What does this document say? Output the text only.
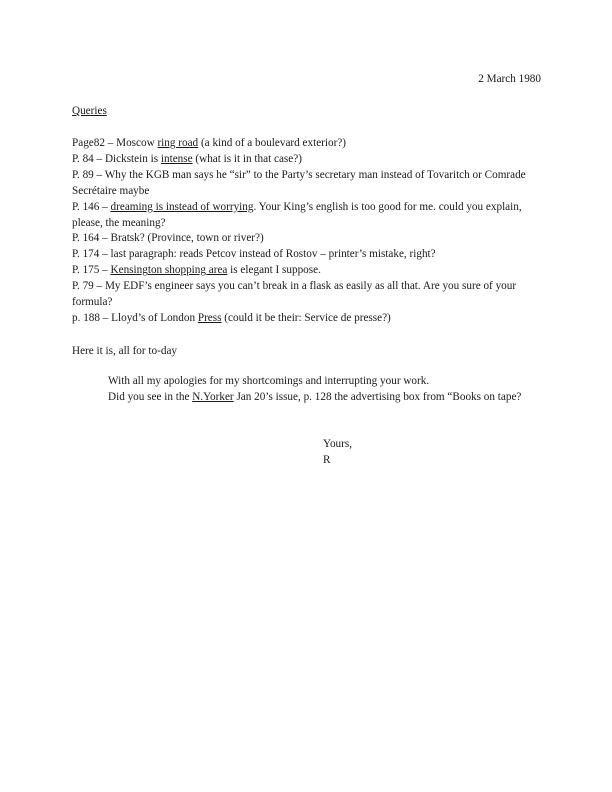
2 March 1980
Queries
Page82 – Moscow ring road (a kind of a boulevard exterior?)
P. 84 – Dickstein is intense (what is it in that case?)
P. 89 – Why the KGB man says he “sir” to the Party’s secretary man instead of Tovaritch or Comrade Secrétaire maybe
P. 146 – dreaming is instead of worrying. Your King’s english is too good for me. could you explain, please, the meaning?
P. 164 – Bratsk? (Province, town or river?)
P. 174 – last paragraph: reads Petcov instead of Rostov – printer’s mistake, right?
P. 175 – Kensington shopping area is elegant I suppose.
P. 79 – My EDF’s engineer says you can’t break in a flask as easily as all that. Are you sure of your formula?
p. 188 – Lloyd’s of London Press (could it be their: Service de presse?)
Here it is, all for to-day

With all my apologies for my shortcomings and interrupting your work.

Did you see in the N.Yorker Jan 20’s issue, p. 128 the advertising box from “Books on tape?

Yours,
R
